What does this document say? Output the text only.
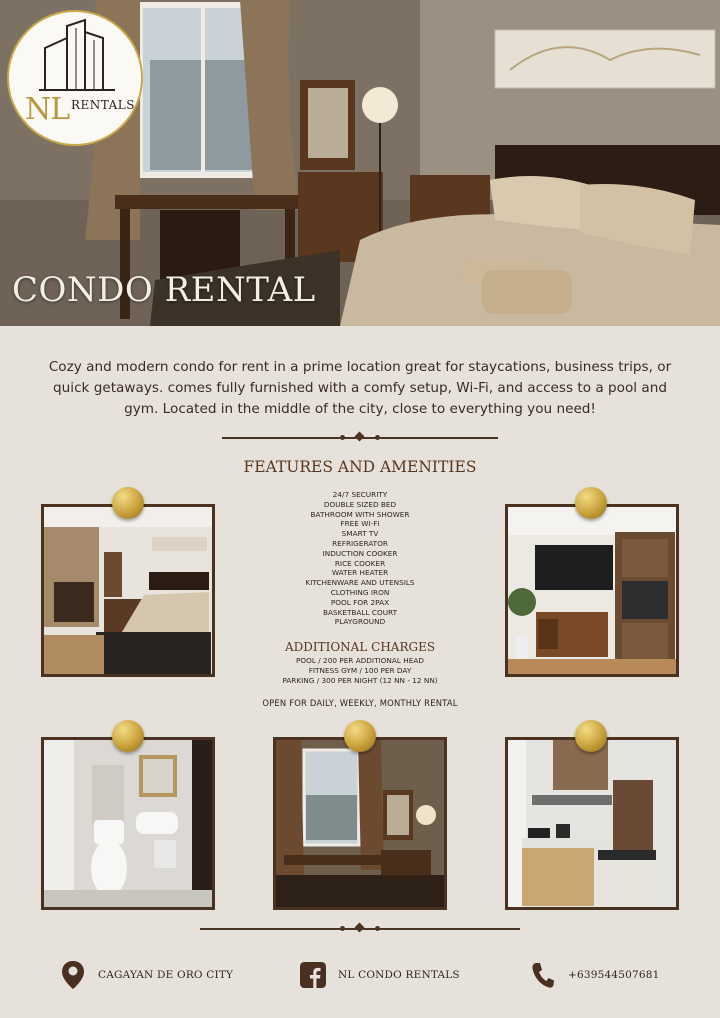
NL RENTALS
CONDO RENTAL

Cozy and modern condo for rent in a prime location great for staycations, business trips, or quick getaways. comes fully furnished with a comfy setup, Wi-Fi, and access to a pool and gym. Located in the middle of the city, close to everything you need!

FEATURES AND AMENITIES
24/7 SECURITY
DOUBLE SIZED BED
BATHROOM WITH SHOWER
FREE WI-FI
SMART TV
REFRIGERATOR
INDUCTION COOKER
RICE COOKER
WATER HEATER
KITCHENWARE AND UTENSILS
CLOTHING IRON
POOL FOR 2PAX
BASKETBALL COURT
PLAYGROUND
ADDITIONAL CHARGES
POOL / 200 PER ADDITIONAL HEAD
FITNESS GYM / 100 PER DAY
PARKING / 300 PER NIGHT (12 NN - 12 NN)
OPEN FOR DAILY, WEEKLY, MONTHLY RENTAL
CAGAYAN DE ORO CITY	NL CONDO RENTALS	+639544507681
